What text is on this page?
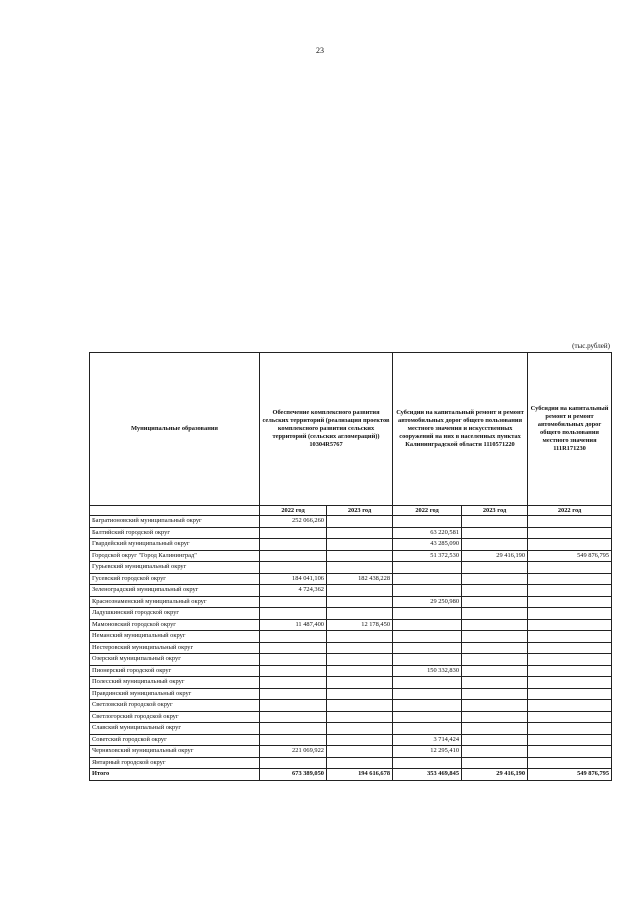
23
(тыс.рублей)
Муниципальные образования	Обеспечение комплексного развития сельских территорий (реализация проектов комплексного развития сельских территорий (сельских агломераций)) 10304R5767		Субсидии на капитальный ремонт и ремонт автомобильных дорог общего пользования местного значения и искусственных сооружений на них в населенных пунктах Калининградской области 1110571220		Субсидии на капитальный ремонт и ремонт автомобильных дорог общего пользования местного значения 111R171230
	2022 год	2023 год	2022 год	2023 год	2022 год
Багратионовский муниципальный округ	252 066,260				
Балтийский городской округ			63 220,581		
Гвардейский муниципальный округ			43 285,090		
Городской округ "Город Калининград"			51 372,530	29 416,190	549 876,795
Гурьевский муниципальный округ					
Гусевский городской округ	184 041,106	182 438,228			
Зеленоградский муниципальный округ	4 724,362				
Краснознаменский муниципальный округ			29 250,980		
Ладушкинский городской округ					
Мамоновский городской округ	11 487,400	12 178,450			
Неманский муниципальный округ					
Нестеровский муниципальный округ					
Озерский муниципальный округ					
Пионерский городской округ			150 332,830		
Полесский муниципальный округ					
Правдинский муниципальный округ					
Светловский городской округ					
Светлогорский городской округ					
Славский муниципальный округ					
Советский городской округ			3 714,424		
Черняховский муниципальный округ	221 069,922		12 295,410		
Янтарный городской округ					
Итого	673 389,050	194 616,678	353 469,845	29 416,190	549 876,795
